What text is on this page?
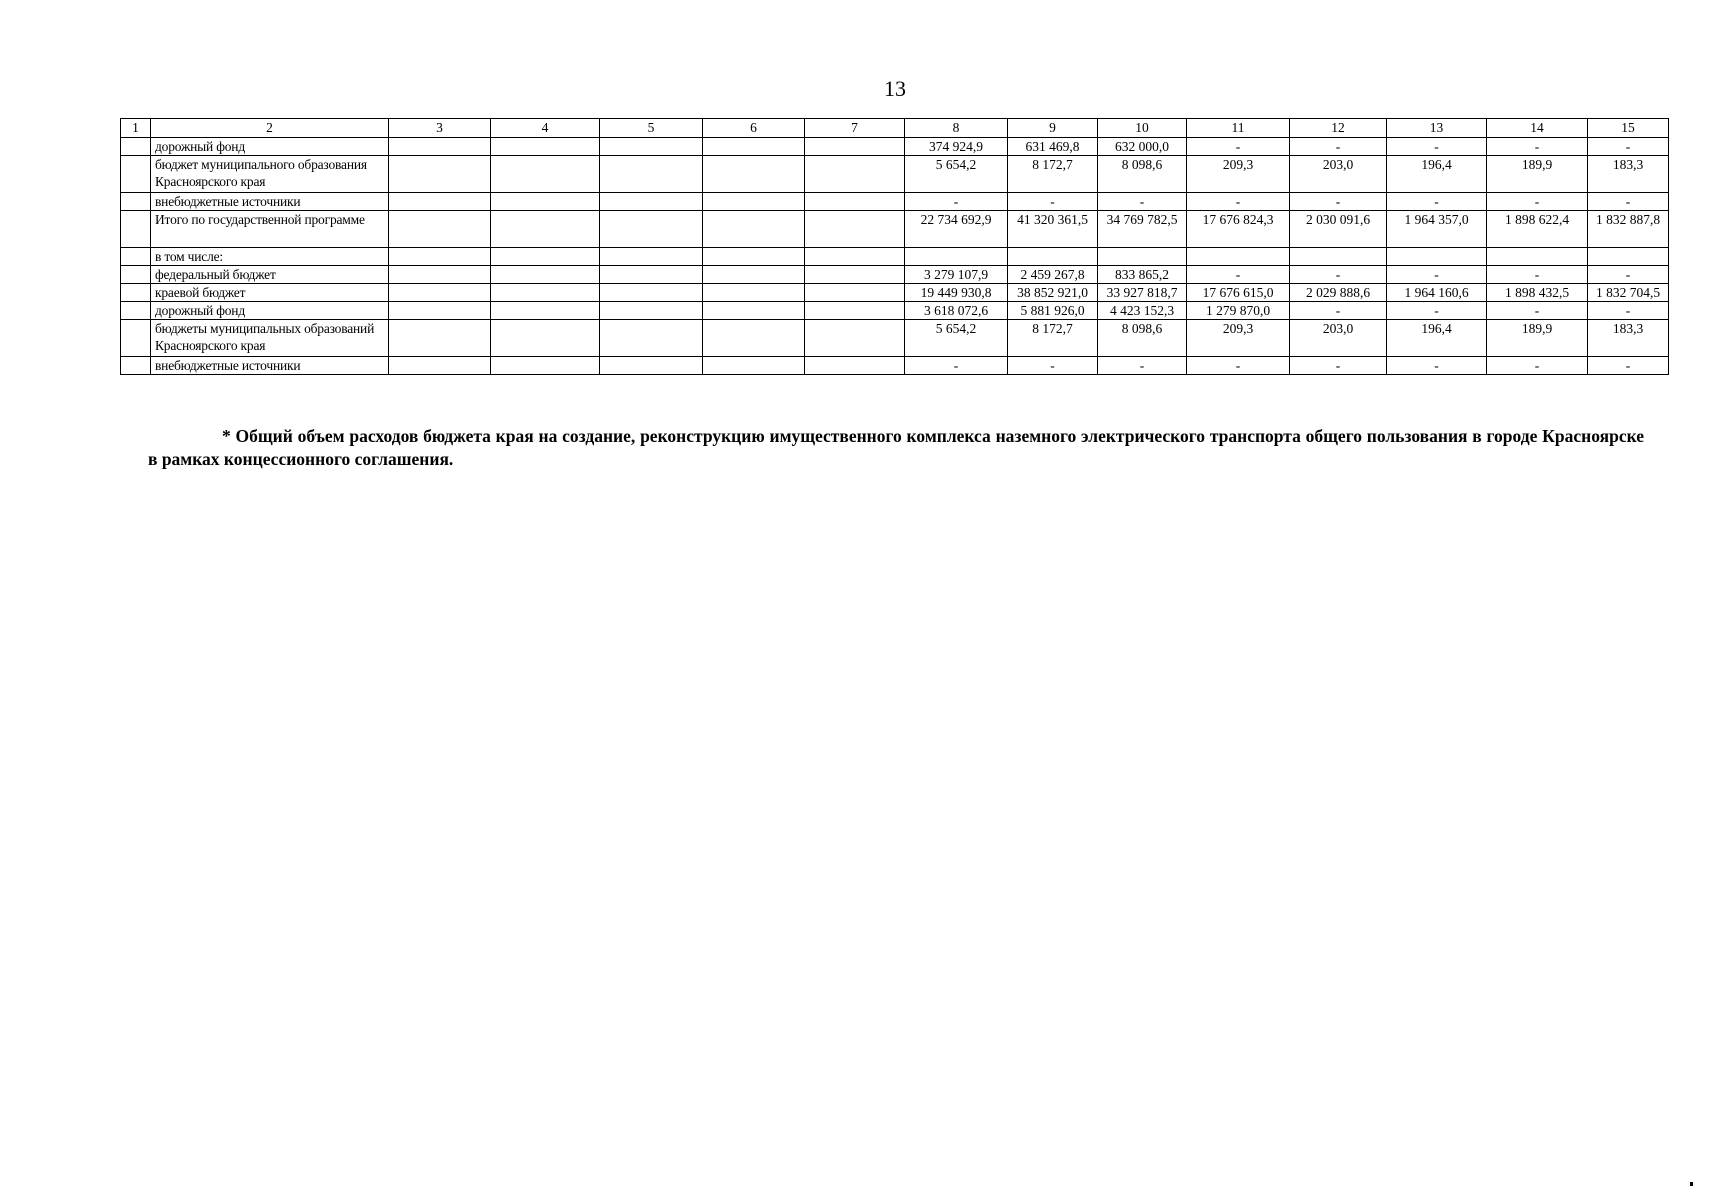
13
1	2	3	4	5	6	7	8	9	10	11	12	13	14	15
	дорожный фонд						374 924,9	631 469,8	632 000,0	-	-	-	-	-
	бюджет муниципального образования Красноярского края						5 654,2	8 172,7	8 098,6	209,3	203,0	196,4	189,9	183,3
	внебюджетные источники						-	-	-	-	-	-	-	-
	Итого по государственной программе						22 734 692,9	41 320 361,5	34 769 782,5	17 676 824,3	2 030 091,6	1 964 357,0	1 898 622,4	1 832 887,8
	в том числе:													
	федеральный бюджет						3 279 107,9	2 459 267,8	833 865,2	-	-	-	-	-
	краевой бюджет						19 449 930,8	38 852 921,0	33 927 818,7	17 676 615,0	2 029 888,6	1 964 160,6	1 898 432,5	1 832 704,5
	дорожный фонд						3 618 072,6	5 881 926,0	4 423 152,3	1 279 870,0	-	-	-	-
	бюджеты муниципальных образований Красноярского края						5 654,2	8 172,7	8 098,6	209,3	203,0	196,4	189,9	183,3
	внебюджетные источники						-	-	-	-	-	-	-	-
* Общий объем расходов бюджета края на создание, реконструкцию имущественного комплекса наземного электрического транспорта общего пользования в городе Красноярске в рамках концессионного соглашения.
